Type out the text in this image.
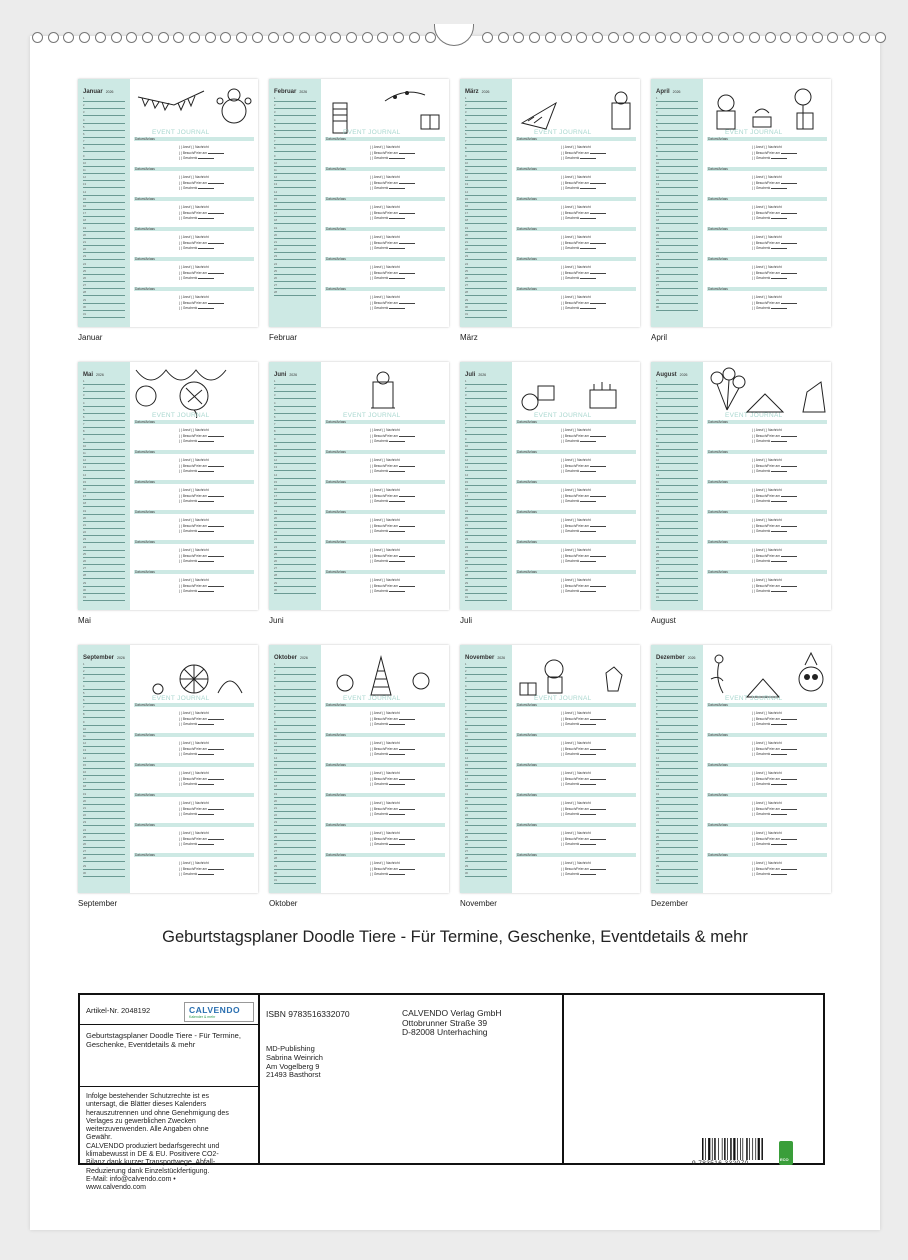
Januar 2026
1
2
3
4
5
6
7
8
9
10
11
12
13
14
15
16
17
18
19
20
21
22
23
24
25
26
27
28
29
30
31
EVENT JOURNAL
Datum/Anlass
( ) Anruf ( ) Nachricht
( ) Besuch/Feier am
( ) Geschenk
Datum/Anlass
( ) Anruf ( ) Nachricht
( ) Besuch/Feier am
( ) Geschenk
Datum/Anlass
( ) Anruf ( ) Nachricht
( ) Besuch/Feier am
( ) Geschenk
Datum/Anlass
( ) Anruf ( ) Nachricht
( ) Besuch/Feier am
( ) Geschenk
Datum/Anlass
( ) Anruf ( ) Nachricht
( ) Besuch/Feier am
( ) Geschenk
Datum/Anlass
( ) Anruf ( ) Nachricht
( ) Besuch/Feier am
( ) Geschenk
Januar
Februar 2026
1
2
3
4
5
6
7
8
9
10
11
12
13
14
15
16
17
18
19
20
21
22
23
24
25
26
27
28
EVENT JOURNAL
Datum/Anlass
( ) Anruf ( ) Nachricht
( ) Besuch/Feier am
( ) Geschenk
Datum/Anlass
( ) Anruf ( ) Nachricht
( ) Besuch/Feier am
( ) Geschenk
Datum/Anlass
( ) Anruf ( ) Nachricht
( ) Besuch/Feier am
( ) Geschenk
Datum/Anlass
( ) Anruf ( ) Nachricht
( ) Besuch/Feier am
( ) Geschenk
Datum/Anlass
( ) Anruf ( ) Nachricht
( ) Besuch/Feier am
( ) Geschenk
Datum/Anlass
( ) Anruf ( ) Nachricht
( ) Besuch/Feier am
( ) Geschenk
Februar
März 2026
1
2
3
4
5
6
7
8
9
10
11
12
13
14
15
16
17
18
19
20
21
22
23
24
25
26
27
28
29
30
31
EVENT JOURNAL
Datum/Anlass
( ) Anruf ( ) Nachricht
( ) Besuch/Feier am
( ) Geschenk
Datum/Anlass
( ) Anruf ( ) Nachricht
( ) Besuch/Feier am
( ) Geschenk
Datum/Anlass
( ) Anruf ( ) Nachricht
( ) Besuch/Feier am
( ) Geschenk
Datum/Anlass
( ) Anruf ( ) Nachricht
( ) Besuch/Feier am
( ) Geschenk
Datum/Anlass
( ) Anruf ( ) Nachricht
( ) Besuch/Feier am
( ) Geschenk
Datum/Anlass
( ) Anruf ( ) Nachricht
( ) Besuch/Feier am
( ) Geschenk
März
April 2026
1
2
3
4
5
6
7
8
9
10
11
12
13
14
15
16
17
18
19
20
21
22
23
24
25
26
27
28
29
30
EVENT JOURNAL
Datum/Anlass
( ) Anruf ( ) Nachricht
( ) Besuch/Feier am
( ) Geschenk
Datum/Anlass
( ) Anruf ( ) Nachricht
( ) Besuch/Feier am
( ) Geschenk
Datum/Anlass
( ) Anruf ( ) Nachricht
( ) Besuch/Feier am
( ) Geschenk
Datum/Anlass
( ) Anruf ( ) Nachricht
( ) Besuch/Feier am
( ) Geschenk
Datum/Anlass
( ) Anruf ( ) Nachricht
( ) Besuch/Feier am
( ) Geschenk
Datum/Anlass
( ) Anruf ( ) Nachricht
( ) Besuch/Feier am
( ) Geschenk
April
Mai 2026
1
2
3
4
5
6
7
8
9
10
11
12
13
14
15
16
17
18
19
20
21
22
23
24
25
26
27
28
29
30
31
EVENT JOURNAL
Datum/Anlass
( ) Anruf ( ) Nachricht
( ) Besuch/Feier am
( ) Geschenk
Datum/Anlass
( ) Anruf ( ) Nachricht
( ) Besuch/Feier am
( ) Geschenk
Datum/Anlass
( ) Anruf ( ) Nachricht
( ) Besuch/Feier am
( ) Geschenk
Datum/Anlass
( ) Anruf ( ) Nachricht
( ) Besuch/Feier am
( ) Geschenk
Datum/Anlass
( ) Anruf ( ) Nachricht
( ) Besuch/Feier am
( ) Geschenk
Datum/Anlass
( ) Anruf ( ) Nachricht
( ) Besuch/Feier am
( ) Geschenk
Mai
Juni 2026
1
2
3
4
5
6
7
8
9
10
11
12
13
14
15
16
17
18
19
20
21
22
23
24
25
26
27
28
29
30
EVENT JOURNAL
Datum/Anlass
( ) Anruf ( ) Nachricht
( ) Besuch/Feier am
( ) Geschenk
Datum/Anlass
( ) Anruf ( ) Nachricht
( ) Besuch/Feier am
( ) Geschenk
Datum/Anlass
( ) Anruf ( ) Nachricht
( ) Besuch/Feier am
( ) Geschenk
Datum/Anlass
( ) Anruf ( ) Nachricht
( ) Besuch/Feier am
( ) Geschenk
Datum/Anlass
( ) Anruf ( ) Nachricht
( ) Besuch/Feier am
( ) Geschenk
Datum/Anlass
( ) Anruf ( ) Nachricht
( ) Besuch/Feier am
( ) Geschenk
Juni
Juli 2026
1
2
3
4
5
6
7
8
9
10
11
12
13
14
15
16
17
18
19
20
21
22
23
24
25
26
27
28
29
30
31
EVENT JOURNAL
Datum/Anlass
( ) Anruf ( ) Nachricht
( ) Besuch/Feier am
( ) Geschenk
Datum/Anlass
( ) Anruf ( ) Nachricht
( ) Besuch/Feier am
( ) Geschenk
Datum/Anlass
( ) Anruf ( ) Nachricht
( ) Besuch/Feier am
( ) Geschenk
Datum/Anlass
( ) Anruf ( ) Nachricht
( ) Besuch/Feier am
( ) Geschenk
Datum/Anlass
( ) Anruf ( ) Nachricht
( ) Besuch/Feier am
( ) Geschenk
Datum/Anlass
( ) Anruf ( ) Nachricht
( ) Besuch/Feier am
( ) Geschenk
Juli
August 2026
1
2
3
4
5
6
7
8
9
10
11
12
13
14
15
16
17
18
19
20
21
22
23
24
25
26
27
28
29
30
31
EVENT JOURNAL
Datum/Anlass
( ) Anruf ( ) Nachricht
( ) Besuch/Feier am
( ) Geschenk
Datum/Anlass
( ) Anruf ( ) Nachricht
( ) Besuch/Feier am
( ) Geschenk
Datum/Anlass
( ) Anruf ( ) Nachricht
( ) Besuch/Feier am
( ) Geschenk
Datum/Anlass
( ) Anruf ( ) Nachricht
( ) Besuch/Feier am
( ) Geschenk
Datum/Anlass
( ) Anruf ( ) Nachricht
( ) Besuch/Feier am
( ) Geschenk
Datum/Anlass
( ) Anruf ( ) Nachricht
( ) Besuch/Feier am
( ) Geschenk
August
September 2026
1
2
3
4
5
6
7
8
9
10
11
12
13
14
15
16
17
18
19
20
21
22
23
24
25
26
27
28
29
30
EVENT JOURNAL
Datum/Anlass
( ) Anruf ( ) Nachricht
( ) Besuch/Feier am
( ) Geschenk
Datum/Anlass
( ) Anruf ( ) Nachricht
( ) Besuch/Feier am
( ) Geschenk
Datum/Anlass
( ) Anruf ( ) Nachricht
( ) Besuch/Feier am
( ) Geschenk
Datum/Anlass
( ) Anruf ( ) Nachricht
( ) Besuch/Feier am
( ) Geschenk
Datum/Anlass
( ) Anruf ( ) Nachricht
( ) Besuch/Feier am
( ) Geschenk
Datum/Anlass
( ) Anruf ( ) Nachricht
( ) Besuch/Feier am
( ) Geschenk
September
Oktober 2026
1
2
3
4
5
6
7
8
9
10
11
12
13
14
15
16
17
18
19
20
21
22
23
24
25
26
27
28
29
30
31
EVENT JOURNAL
Datum/Anlass
( ) Anruf ( ) Nachricht
( ) Besuch/Feier am
( ) Geschenk
Datum/Anlass
( ) Anruf ( ) Nachricht
( ) Besuch/Feier am
( ) Geschenk
Datum/Anlass
( ) Anruf ( ) Nachricht
( ) Besuch/Feier am
( ) Geschenk
Datum/Anlass
( ) Anruf ( ) Nachricht
( ) Besuch/Feier am
( ) Geschenk
Datum/Anlass
( ) Anruf ( ) Nachricht
( ) Besuch/Feier am
( ) Geschenk
Datum/Anlass
( ) Anruf ( ) Nachricht
( ) Besuch/Feier am
( ) Geschenk
Oktober
November 2026
1
2
3
4
5
6
7
8
9
10
11
12
13
14
15
16
17
18
19
20
21
22
23
24
25
26
27
28
29
30
EVENT JOURNAL
Datum/Anlass
( ) Anruf ( ) Nachricht
( ) Besuch/Feier am
( ) Geschenk
Datum/Anlass
( ) Anruf ( ) Nachricht
( ) Besuch/Feier am
( ) Geschenk
Datum/Anlass
( ) Anruf ( ) Nachricht
( ) Besuch/Feier am
( ) Geschenk
Datum/Anlass
( ) Anruf ( ) Nachricht
( ) Besuch/Feier am
( ) Geschenk
Datum/Anlass
( ) Anruf ( ) Nachricht
( ) Besuch/Feier am
( ) Geschenk
Datum/Anlass
( ) Anruf ( ) Nachricht
( ) Besuch/Feier am
( ) Geschenk
November
Dezember 2026
1
2
3
4
5
6
7
8
9
10
11
12
13
14
15
16
17
18
19
20
21
22
23
24
25
26
27
28
29
30
31
EVENT JOURNAL
Datum/Anlass
( ) Anruf ( ) Nachricht
( ) Besuch/Feier am
( ) Geschenk
Datum/Anlass
( ) Anruf ( ) Nachricht
( ) Besuch/Feier am
( ) Geschenk
Datum/Anlass
( ) Anruf ( ) Nachricht
( ) Besuch/Feier am
( ) Geschenk
Datum/Anlass
( ) Anruf ( ) Nachricht
( ) Besuch/Feier am
( ) Geschenk
Datum/Anlass
( ) Anruf ( ) Nachricht
( ) Besuch/Feier am
( ) Geschenk
Datum/Anlass
( ) Anruf ( ) Nachricht
( ) Besuch/Feier am
( ) Geschenk
Dezember
Geburtstagsplaner Doodle Tiere - Für Termine, Geschenke, Eventdetails & mehr
Artikel-Nr. 2048192	CALVENDO
Kalender & mehr
Geburtstagsplaner Doodle Tiere - Für Termine, Geschenke, Eventdetails & mehr
Infolge bestehender Schutzrechte ist es
untersagt, die Blätter dieses Kalenders
herauszutrennen und ohne Genehmigung des
Verlages zu gewerblichen Zwecken
weiterzuverwenden. Alle Angaben ohne
Gewähr.
CALVENDO produziert bedarfsgerecht und
klimabewusst in DE & EU. Positivere CO2-
Bilanz dank kurzer Transportwege. Abfall-
Reduzierung dank Einzelstückfertigung.
E-Mail: info@calvendo.com •
www.calvendo.com
ISBN 9783516332070
MD-Publishing
Sabrina Weinrich
Am Vogelberg 9
21493 Basthorst
CALVENDO Verlag GmbH
Ottobrunner Straße 39
D-82008 Unterhaching
9 783516 332070
ECO
